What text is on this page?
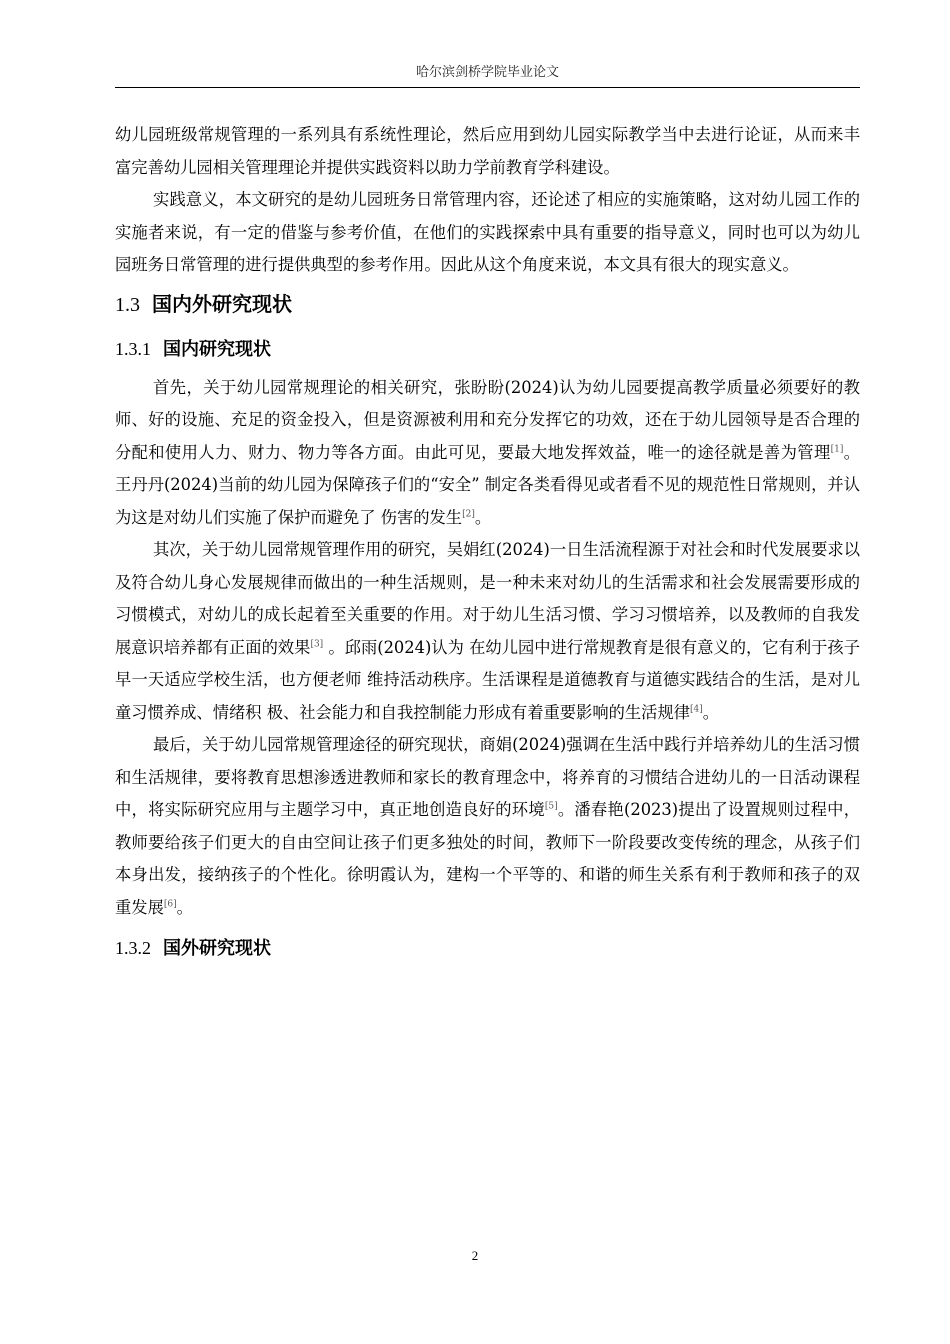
哈尔滨剑桥学院毕业论文

幼儿园班级常规管理的一系列具有系统性理论，然后应用到幼儿园实际教学当中去进行论证，从而来丰富完善幼儿园相关管理理论并提供实践资料以助力学前教育学科建设。

实践意义，本文研究的是幼儿园班务日常管理内容，还论述了相应的实施策略，这对幼儿园工作的实施者来说，有一定的借鉴与参考价值，在他们的实践探索中具有重要的指导意义，同时也可以为幼儿园班务日常管理的进行提供典型的参考作用。因此从这个角度来说，本文具有很大的现实意义。

1.3 国内外研究现状
1.3.1 国内研究现状

首先，关于幼儿园常规理论的相关研究，张盼盼(2024)认为幼儿园要提高教学质量必须要好的教师、好的设施、充足的资金投入，但是资源被利用和充分发挥它的功效，还在于幼儿园领导是否合理的分配和使用人力、财力、物力等各方面。由此可见，要最大地发挥效益，唯一的途径就是善为管理[1]。王丹丹(2024)当前的幼儿园为保障孩子们的“安全” 制定各类看得见或者看不见的规范性日常规则，并认为这是对幼儿们实施了保护而避免了 伤害的发生[2]。

其次，关于幼儿园常规管理作用的研究，吴娟红(2024)一日生活流程源于对社会和时代发展要求以及符合幼儿身心发展规律而做出的一种生活规则，是一种未来对幼儿的生活需求和社会发展需要形成的习惯模式，对幼儿的成长起着至关重要的作用。对于幼儿生活习惯、学习习惯培养，以及教师的自我发展意识培养都有正面的效果[3] 。邱雨(2024)认为 在幼儿园中进行常规教育是很有意义的，它有利于孩子早一天适应学校生活，也方便老师 维持活动秩序。生活课程是道德教育与道德实践结合的生活，是对儿童习惯养成、情绪积 极、社会能力和自我控制能力形成有着重要影响的生活规律[4]。

最后，关于幼儿园常规管理途径的研究现状，商娟(2024)强调在生活中践行并培养幼儿的生活习惯和生活规律，要将教育思想渗透进教师和家长的教育理念中，将养育的习惯结合进幼儿的一日活动课程中，将实际研究应用与主题学习中，真正地创造良好的环境[5]。潘春艳(2023)提出了设置规则过程中，教师要给孩子们更大的自由空间让孩子们更多独处的时间，教师下一阶段要改变传统的理念，从孩子们本身出发，接纳孩子的个性化。徐明霞认为，建构一个平等的、和谐的师生关系有利于教师和孩子的双重发展[6]。

1.3.2 国外研究现状
2
